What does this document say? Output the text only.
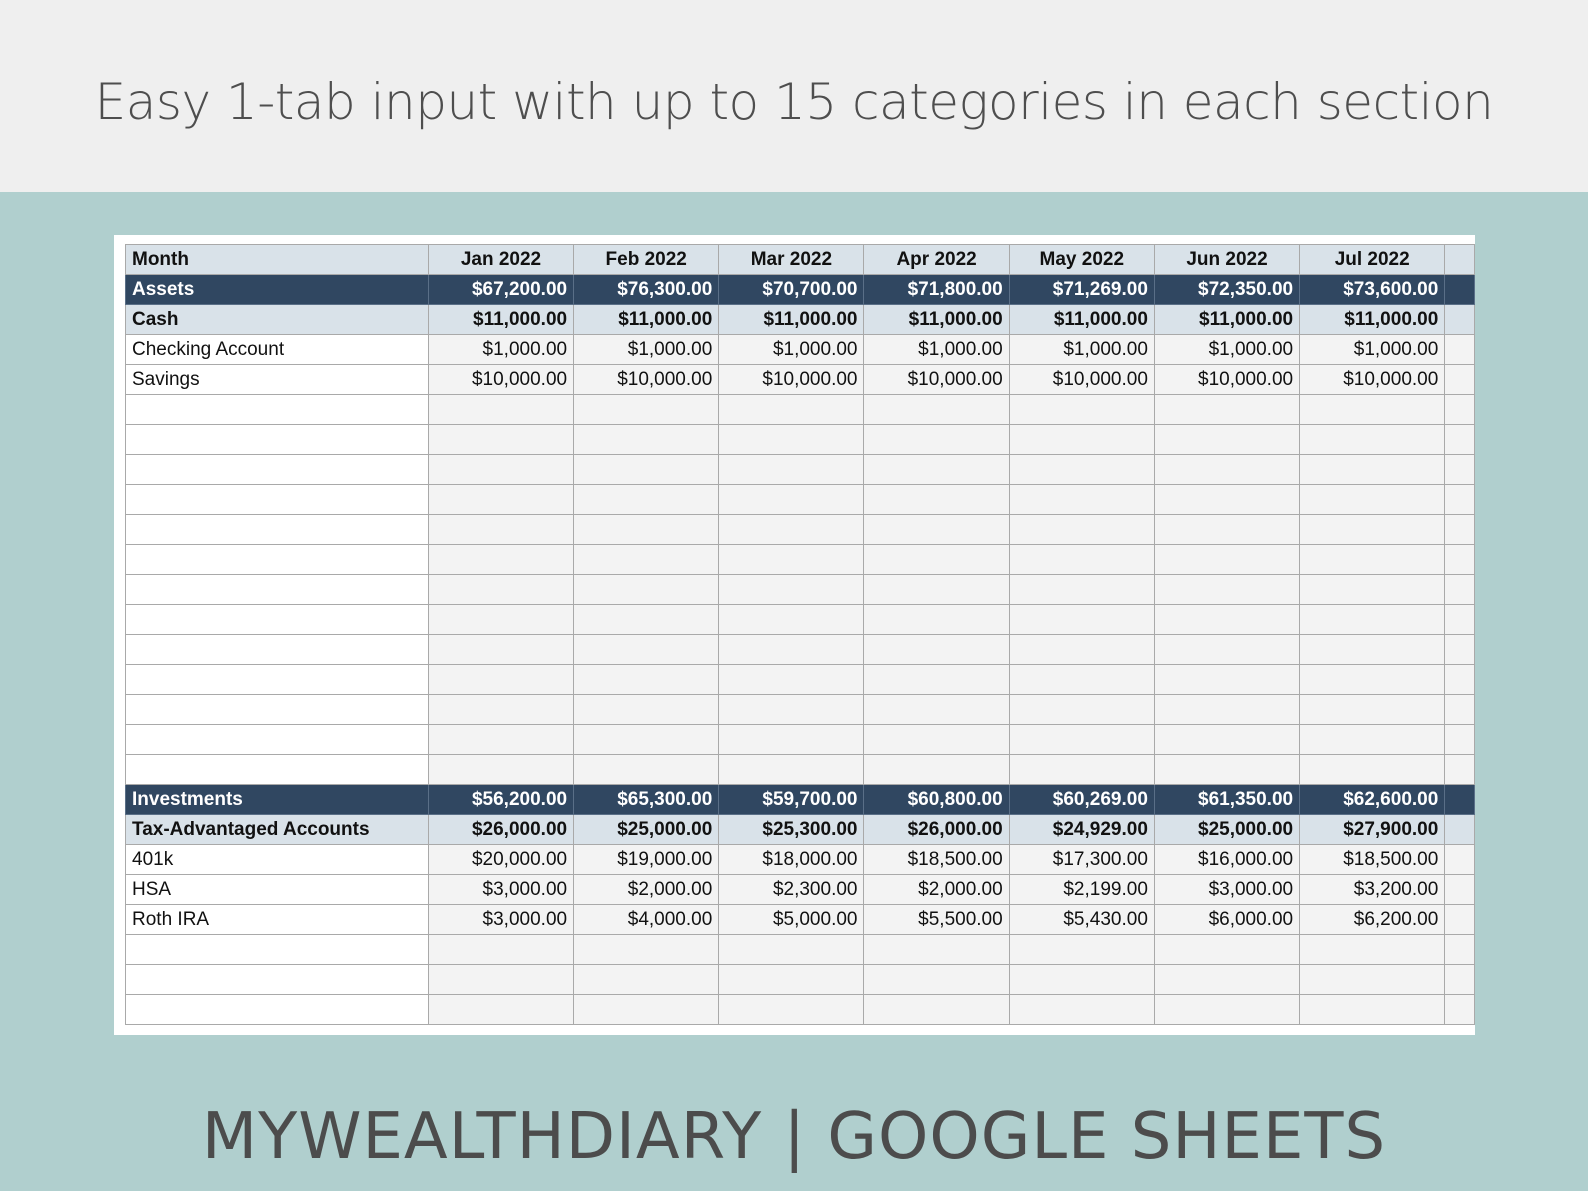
Easy 1-tab input with up to 15 categories in each section
Month	Jan 2022	Feb 2022	Mar 2022	Apr 2022	May 2022	Jun 2022	Jul 2022	
Assets	$67,200.00	$76,300.00	$70,700.00	$71,800.00	$71,269.00	$72,350.00	$73,600.00	
Cash	$11,000.00	$11,000.00	$11,000.00	$11,000.00	$11,000.00	$11,000.00	$11,000.00	
Checking Account	$1,000.00	$1,000.00	$1,000.00	$1,000.00	$1,000.00	$1,000.00	$1,000.00	
Savings	$10,000.00	$10,000.00	$10,000.00	$10,000.00	$10,000.00	$10,000.00	$10,000.00	

Investments	$56,200.00	$65,300.00	$59,700.00	$60,800.00	$60,269.00	$61,350.00	$62,600.00	
Tax-Advantaged Accounts	$26,000.00	$25,000.00	$25,300.00	$26,000.00	$24,929.00	$25,000.00	$27,900.00	
401k	$20,000.00	$19,000.00	$18,000.00	$18,500.00	$17,300.00	$16,000.00	$18,500.00	
HSA	$3,000.00	$2,000.00	$2,300.00	$2,000.00	$2,199.00	$3,000.00	$3,200.00	
Roth IRA	$3,000.00	$4,000.00	$5,000.00	$5,500.00	$5,430.00	$6,000.00	$6,200.00	

MYWEALTHDIARY | GOOGLE SHEETS
